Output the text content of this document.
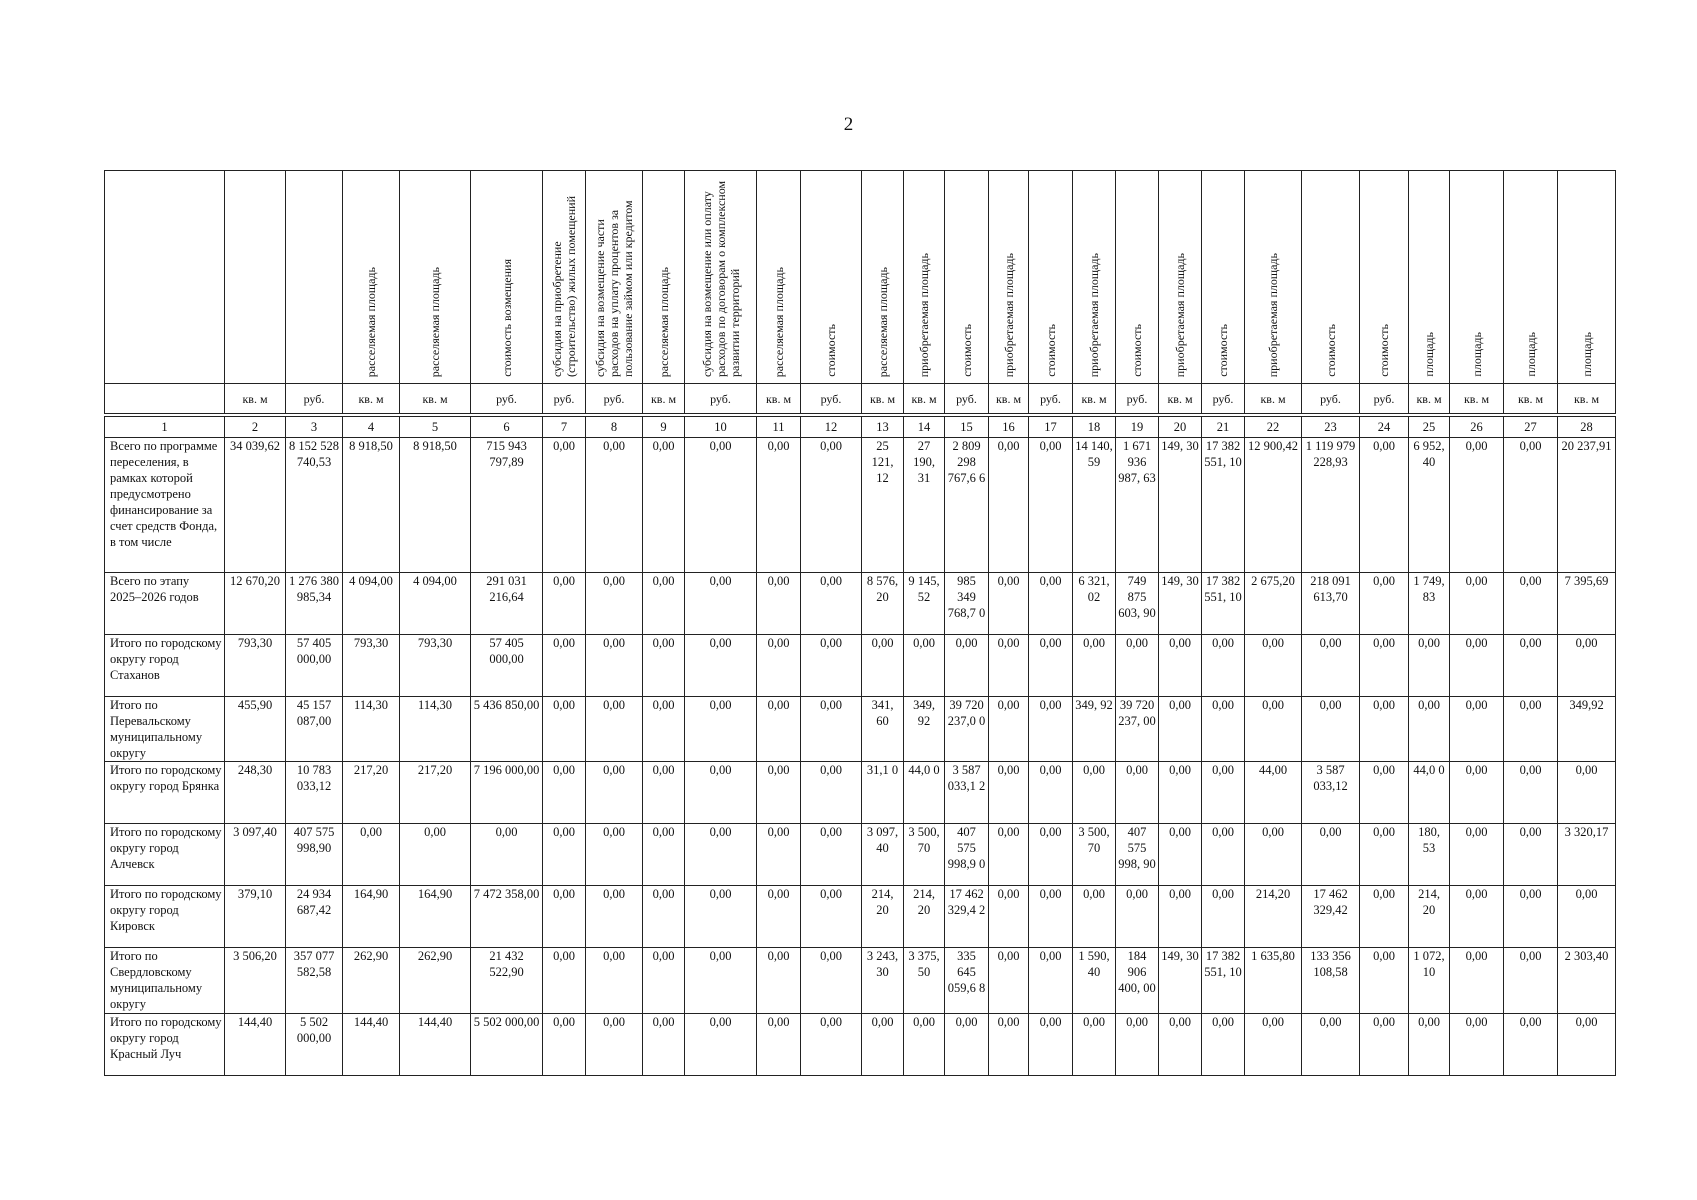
2

			расселяемая площадь	расселяемая площадь	стоимость возмещения	субсидия на приобретение (строительство) жилых помещений	субсидия на возмещение части расходов на уплату процентов за пользование займом или кредитом	расселяемая площадь	субсидия на возмещение или оплату расходов по договорам о комплексном развитии территорий	расселяемая площадь	стоимость	расселяемая площадь	приобретаемая площадь	стоимость	приобретаемая площадь	стоимость	приобретаемая площадь	стоимость	приобретаемая площадь	стоимость	приобретаемая площадь	стоимость	стоимость	площадь	площадь	площадь	площадь

	кв. м	руб.	кв. м	кв. м	руб.	руб.	руб.	кв. м	руб.	кв. м	руб.	кв. м	кв. м	руб.	кв. м	руб.	кв. м	руб.	кв. м	руб.	кв. м	руб.	руб.	кв. м	кв. м	кв. м	кв. м

1	2	3	4	5	6	7	8	9	10	11	12	13	14	15	16	17	18	19	20	21	22	23	24	25	26	27	28
Всего по программе переселения, в рамках которой предусмотрено финансирование за счет средств Фонда, в том числе	34 039,62	8 152 528 740,53	8 918,50	8 918,50	715 943 797,89	0,00	0,00	0,00	0,00	0,00	0,00	25 121, 12	27 190, 31	2 809 298 767,6 6	0,00	0,00	14 140, 59	1 671 936 987, 63	149, 30	17 382 551, 10	12 900,42	1 119 979 228,93	0,00	6 952, 40	0,00	0,00	20 237,91
Всего по этапу 2025–2026 годов	12 670,20	1 276 380 985,34	4 094,00	4 094,00	291 031 216,64	0,00	0,00	0,00	0,00	0,00	0,00	8 576, 20	9 145, 52	985 349 768,7 0	0,00	0,00	6 321, 02	749 875 603, 90	149, 30	17 382 551, 10	2 675,20	218 091 613,70	0,00	1 749, 83	0,00	0,00	7 395,69
Итого по городскому округу город Стаханов	793,30	57 405 000,00	793,30	793,30	57 405 000,00	0,00	0,00	0,00	0,00	0,00	0,00	0,00	0,00	0,00	0,00	0,00	0,00	0,00	0,00	0,00	0,00	0,00	0,00	0,00	0,00	0,00	0,00
Итого по Перевальскому муниципальному округу	455,90	45 157 087,00	114,30	114,30	5 436 850,00	0,00	0,00	0,00	0,00	0,00	0,00	341, 60	349, 92	39 720 237,0 0	0,00	0,00	349, 92	39 720 237, 00	0,00	0,00	0,00	0,00	0,00	0,00	0,00	0,00	349,92
Итого по городскому округу город Брянка	248,30	10 783 033,12	217,20	217,20	7 196 000,00	0,00	0,00	0,00	0,00	0,00	0,00	31,1 0	44,0 0	3 587 033,1 2	0,00	0,00	0,00	0,00	0,00	0,00	44,00	3 587 033,12	0,00	44,0 0	0,00	0,00	0,00
Итого по городскому округу город Алчевск	3 097,40	407 575 998,90	0,00	0,00	0,00	0,00	0,00	0,00	0,00	0,00	0,00	3 097, 40	3 500, 70	407 575 998,9 0	0,00	0,00	3 500, 70	407 575 998, 90	0,00	0,00	0,00	0,00	0,00	180, 53	0,00	0,00	3 320,17
Итого по городскому округу город Кировск	379,10	24 934 687,42	164,90	164,90	7 472 358,00	0,00	0,00	0,00	0,00	0,00	0,00	214, 20	214, 20	17 462 329,4 2	0,00	0,00	0,00	0,00	0,00	0,00	214,20	17 462 329,42	0,00	214, 20	0,00	0,00	0,00
Итого по Свердловскому муниципальному округу	3 506,20	357 077 582,58	262,90	262,90	21 432 522,90	0,00	0,00	0,00	0,00	0,00	0,00	3 243, 30	3 375, 50	335 645 059,6 8	0,00	0,00	1 590, 40	184 906 400, 00	149, 30	17 382 551, 10	1 635,80	133 356 108,58	0,00	1 072, 10	0,00	0,00	2 303,40
Итого по городскому округу город Красный Луч	144,40	5 502 000,00	144,40	144,40	5 502 000,00	0,00	0,00	0,00	0,00	0,00	0,00	0,00	0,00	0,00	0,00	0,00	0,00	0,00	0,00	0,00	0,00	0,00	0,00	0,00	0,00	0,00	0,00
